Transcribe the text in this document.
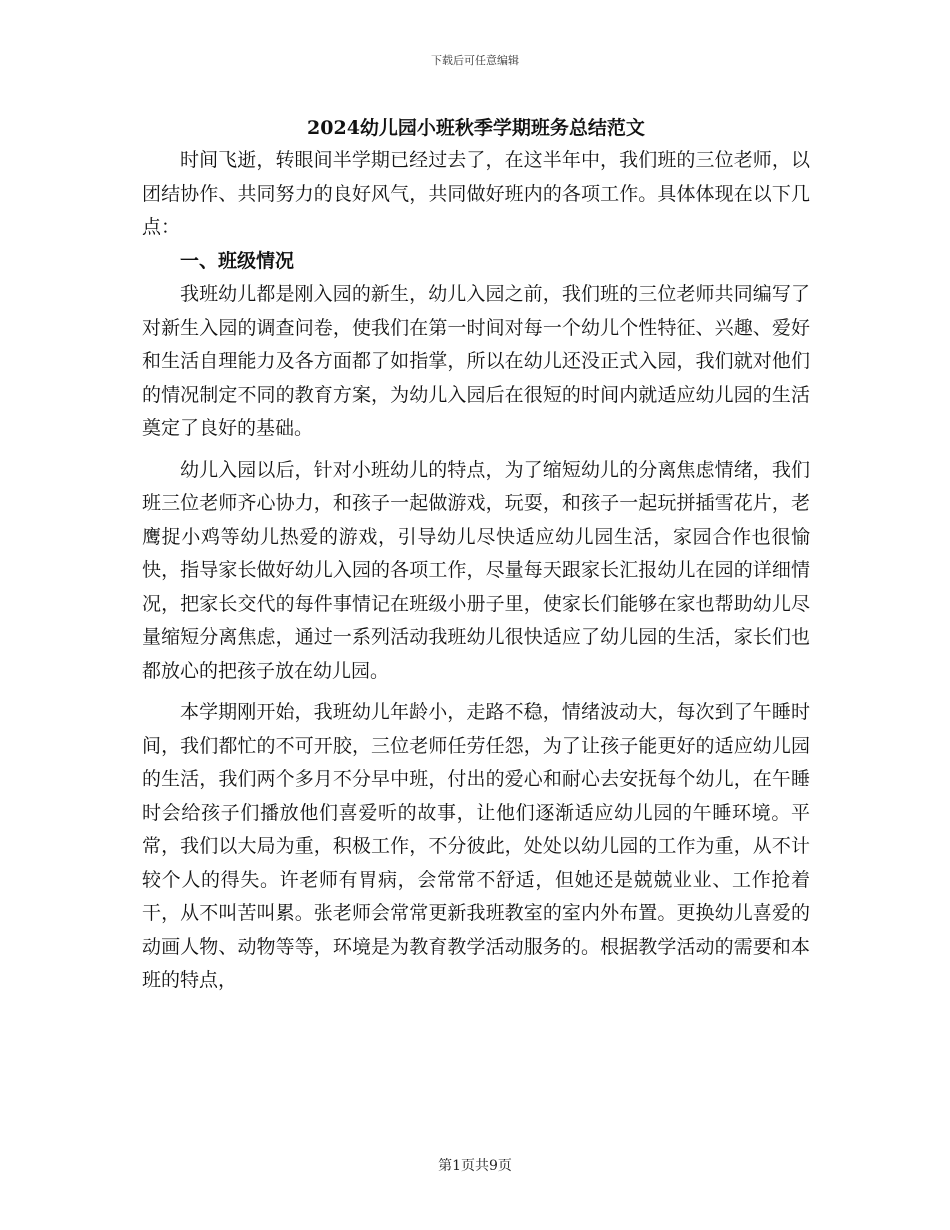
下载后可任意编辑
2024幼儿园小班秋季学期班务总结范文

时间飞逝，转眼间半学期已经过去了，在这半年中，我们班的三位老师，以团结协作、共同努力的良好风气，共同做好班内的各项工作。具体体现在以下几点：

一、班级情况

我班幼儿都是刚入园的新生，幼儿入园之前，我们班的三位老师共同编写了对新生入园的调查问卷，使我们在第一时间对每一个幼儿个性特征、兴趣、爱好和生活自理能力及各方面都了如指掌，所以在幼儿还没正式入园，我们就对他们的情况制定不同的教育方案，为幼儿入园后在很短的时间内就适应幼儿园的生活奠定了良好的基础。

幼儿入园以后，针对小班幼儿的特点，为了缩短幼儿的分离焦虑情绪，我们班三位老师齐心协力，和孩子一起做游戏，玩耍，和孩子一起玩拼插雪花片，老鹰捉小鸡等幼儿热爱的游戏，引导幼儿尽快适应幼儿园生活，家园合作也很愉快，指导家长做好幼儿入园的各项工作，尽量每天跟家长汇报幼儿在园的详细情况，把家长交代的每件事情记在班级小册子里，使家长们能够在家也帮助幼儿尽量缩短分离焦虑，通过一系列活动我班幼儿很快适应了幼儿园的生活，家长们也都放心的把孩子放在幼儿园。

本学期刚开始，我班幼儿年龄小，走路不稳，情绪波动大，每次到了午睡时间，我们都忙的不可开胶，三位老师任劳任怨，为了让孩子能更好的适应幼儿园的生活，我们两个多月不分早中班，付出的爱心和耐心去安抚每个幼儿，在午睡时会给孩子们播放他们喜爱听的故事，让他们逐渐适应幼儿园的午睡环境。平常，我们以大局为重，积极工作，不分彼此，处处以幼儿园的工作为重，从不计较个人的得失。许老师有胃病，会常常不舒适，但她还是兢兢业业、工作抢着干，从不叫苦叫累。张老师会常常更新我班教室的室内外布置。更换幼儿喜爱的动画人物、动物等等，环境是为教育教学活动服务的。根据教学活动的需要和本班的特点，

第1页共9页
